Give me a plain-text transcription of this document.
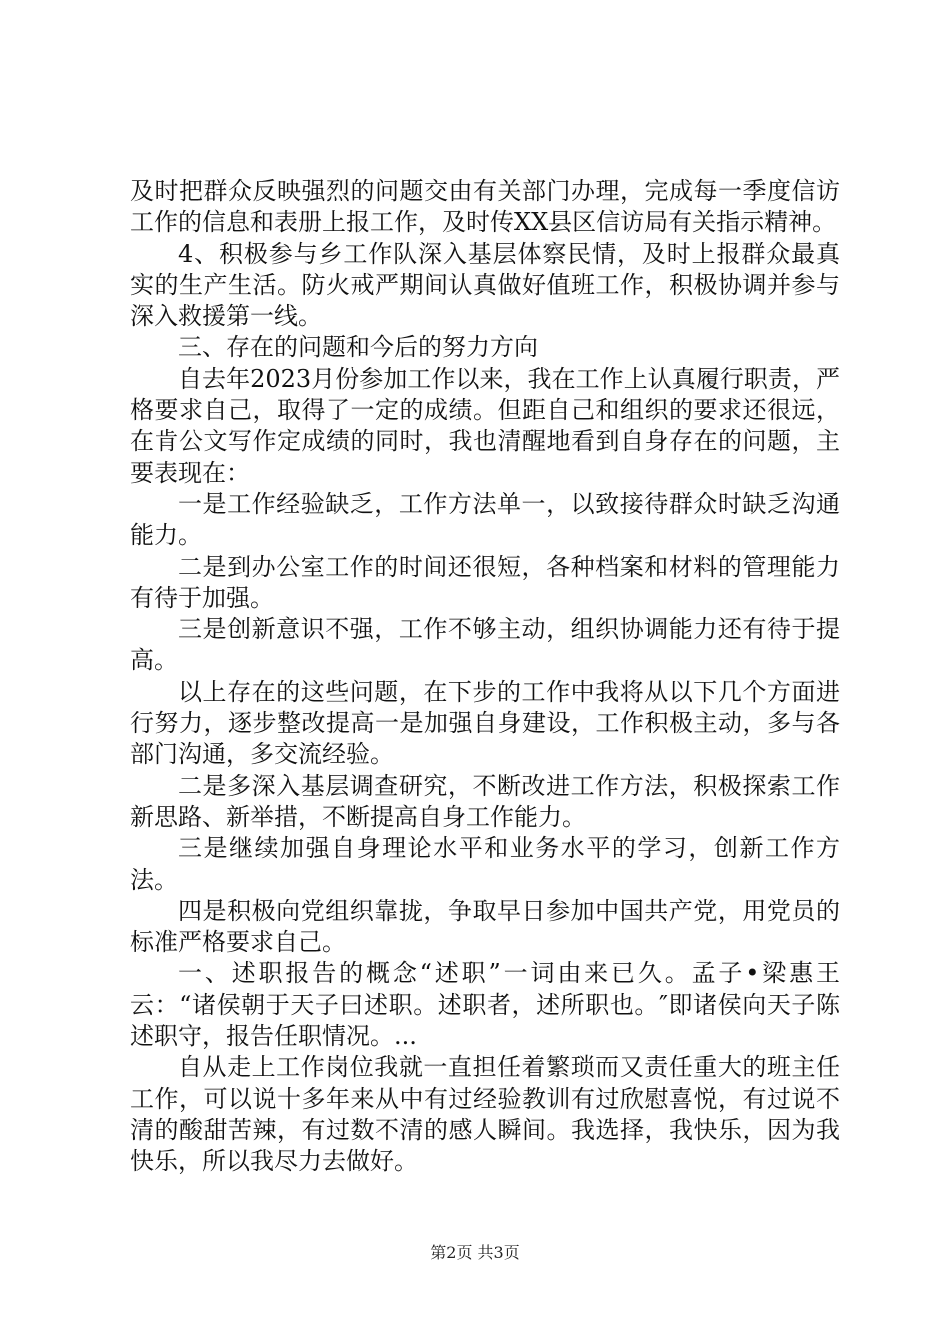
及时把群众反映强烈的问题交由有关部门办理，完成每一季度信访工作的信息和表册上报工作，及时传XX县区信访局有关指示精神。

4、积极参与乡工作队深入基层体察民情，及时上报群众最真实的生产生活。防火戒严期间认真做好值班工作，积极协调并参与深入救援第一线。

三、存在的问题和今后的努力方向

自去年2023月份参加工作以来，我在工作上认真履行职责，严格要求自己，取得了一定的成绩。但距自己和组织的要求还很远，在肯公文写作定成绩的同时，我也清醒地看到自身存在的问题，主要表现在：

一是工作经验缺乏，工作方法单一，以致接待群众时缺乏沟通能力。

二是到办公室工作的时间还很短，各种档案和材料的管理能力有待于加强。

三是创新意识不强，工作不够主动，组织协调能力还有待于提高。

以上存在的这些问题，在下步的工作中我将从以下几个方面进行努力，逐步整改提高一是加强自身建设，工作积极主动，多与各部门沟通，多交流经验。

二是多深入基层调查研究，不断改进工作方法，积极探索工作新思路、新举措，不断提高自身工作能力。

三是继续加强自身理论水平和业务水平的学习，创新工作方法。

四是积极向党组织靠拢，争取早日参加中国共产党，用党员的标准严格要求自己。

一、述职报告的概念“述职”一词由来已久。孟子•梁惠王云：“诸侯朝于天子曰述职。述职者，述所职也。″即诸侯向天子陈述职守，报告任职情况。...

自从走上工作岗位我就一直担任着繁琐而又责任重大的班主任工作，可以说十多年来从中有过经验教训有过欣慰喜悦，有过说不清的酸甜苦辣，有过数不清的感人瞬间。我选择，我快乐，因为我快乐，所以我尽力去做好。

第2页 共3页
